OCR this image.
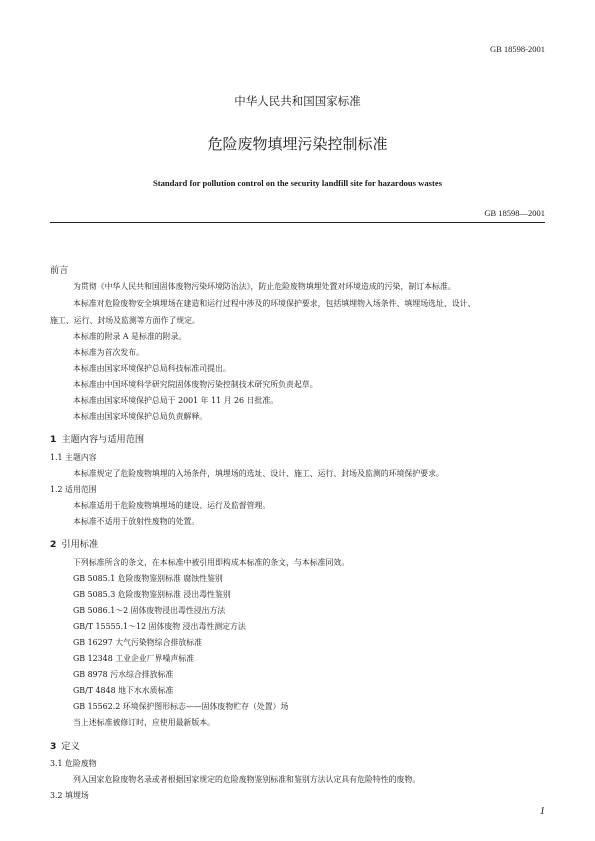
GB 18598-2001
中华人民共和国国家标准
危险废物填埋污染控制标准
Standard for pollution control on the security landfill site for hazardous wastes
GB 18598—2001
前言
为贯彻《中华人民共和国固体废物污染环境防治法》，防止危险废物填埋处置对环境造成的污染，制订本标准。
本标准对危险废物安全填埋场在建造和运行过程中涉及的环境保护要求，包括填埋物入场条件、填埋场选址、设计、
施工、运行、封场及监测等方面作了规定。
本标准的附录 A 是标准的附录。
本标准为首次发布。
本标准由国家环境保护总局科技标准司提出。
本标准由中国环境科学研究院固体废物污染控制技术研究所负责起草。
本标准由国家环境保护总局于 2001 年 11 月 26 日批准。
本标准由国家环境保护总局负责解释。
1 主题内容与适用范围
1.1 主题内容
本标准规定了危险废物填埋的入场条件，填埋场的选址、设计、施工、运行、封场及监测的环境保护要求。
1.2 适用范围
本标准适用于危险废物填埋场的建设、运行及监督管理。
本标准不适用于放射性废物的处置。
2 引用标准
下列标准所含的条文，在本标准中被引用即构成本标准的条文，与本标准同效。
GB 5085.1 危险废物鉴别标准 腐蚀性鉴别
GB 5085.3 危险废物鉴别标准 浸出毒性鉴别
GB 5086.1～2 固体废物浸出毒性浸出方法
GB/T 15555.1～12 固体废物 浸出毒性测定方法
GB 16297 大气污染物综合排放标准
GB 12348 工业企业厂界噪声标准
GB 8978 污水综合排放标准
GB/T 4848 地下水水质标准
GB 15562.2 环境保护图形标志——固体废物贮存（处置）场
当上述标准被修订时，应使用最新版本。
3 定义
3.1 危险废物
列入国家危险废物名录或者根据国家规定的危险废物鉴别标准和鉴别方法认定具有危险特性的废物。
3.2 填埋场
1
